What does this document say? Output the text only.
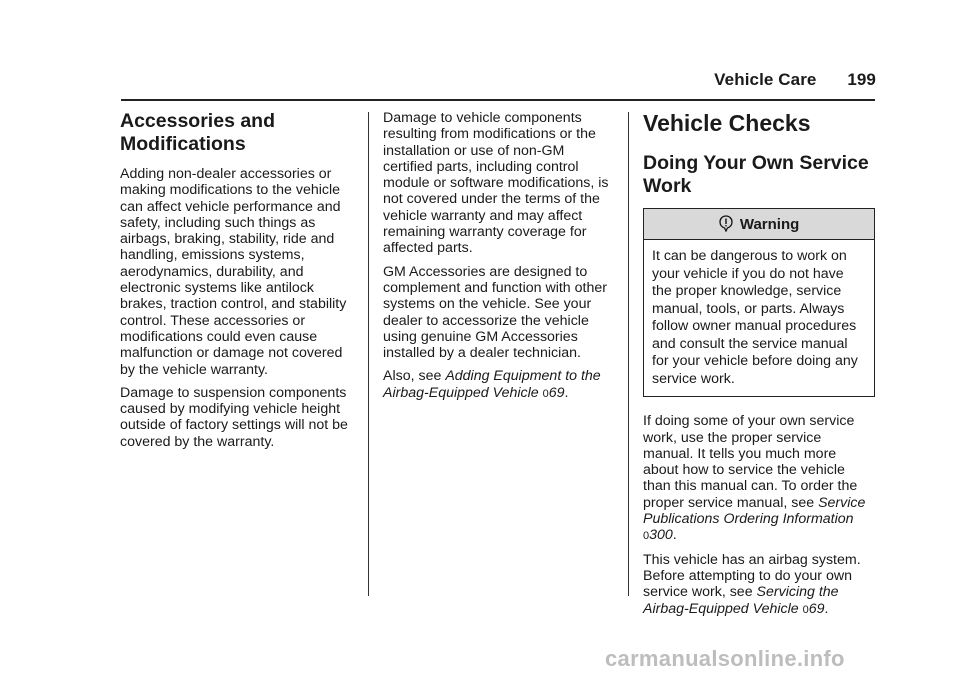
Vehicle Care 199
Accessories and Modifications

Adding non-dealer accessories or making modifications to the vehicle can affect vehicle performance and safety, including such things as airbags, braking, stability, ride and handling, emissions systems, aerodynamics, durability, and electronic systems like antilock brakes, traction control, and stability control. These accessories or modifications could even cause malfunction or damage not covered by the vehicle warranty.

Damage to suspension components caused by modifying vehicle height outside of factory settings will not be covered by the warranty.

Damage to vehicle components resulting from modifications or the installation or use of non-GM certified parts, including control module or software modifications, is not covered under the terms of the vehicle warranty and may affect remaining warranty coverage for affected parts.

GM Accessories are designed to complement and function with other systems on the vehicle. See your dealer to accessorize the vehicle using genuine GM Accessories installed by a dealer technician.

Also, see Adding Equipment to the Airbag-Equipped Vehicle 069.

Vehicle Checks
Doing Your Own Service Work
Warning
It can be dangerous to work on your vehicle if you do not have the proper knowledge, service manual, tools, or parts. Always follow owner manual procedures and consult the service manual for your vehicle before doing any service work.

If doing some of your own service work, use the proper service manual. It tells you much more about how to service the vehicle than this manual can. To order the proper service manual, see Service Publications Ordering Information 0300.

This vehicle has an airbag system. Before attempting to do your own service work, see Servicing the Airbag-Equipped Vehicle 069.

carmanualsonline.info
